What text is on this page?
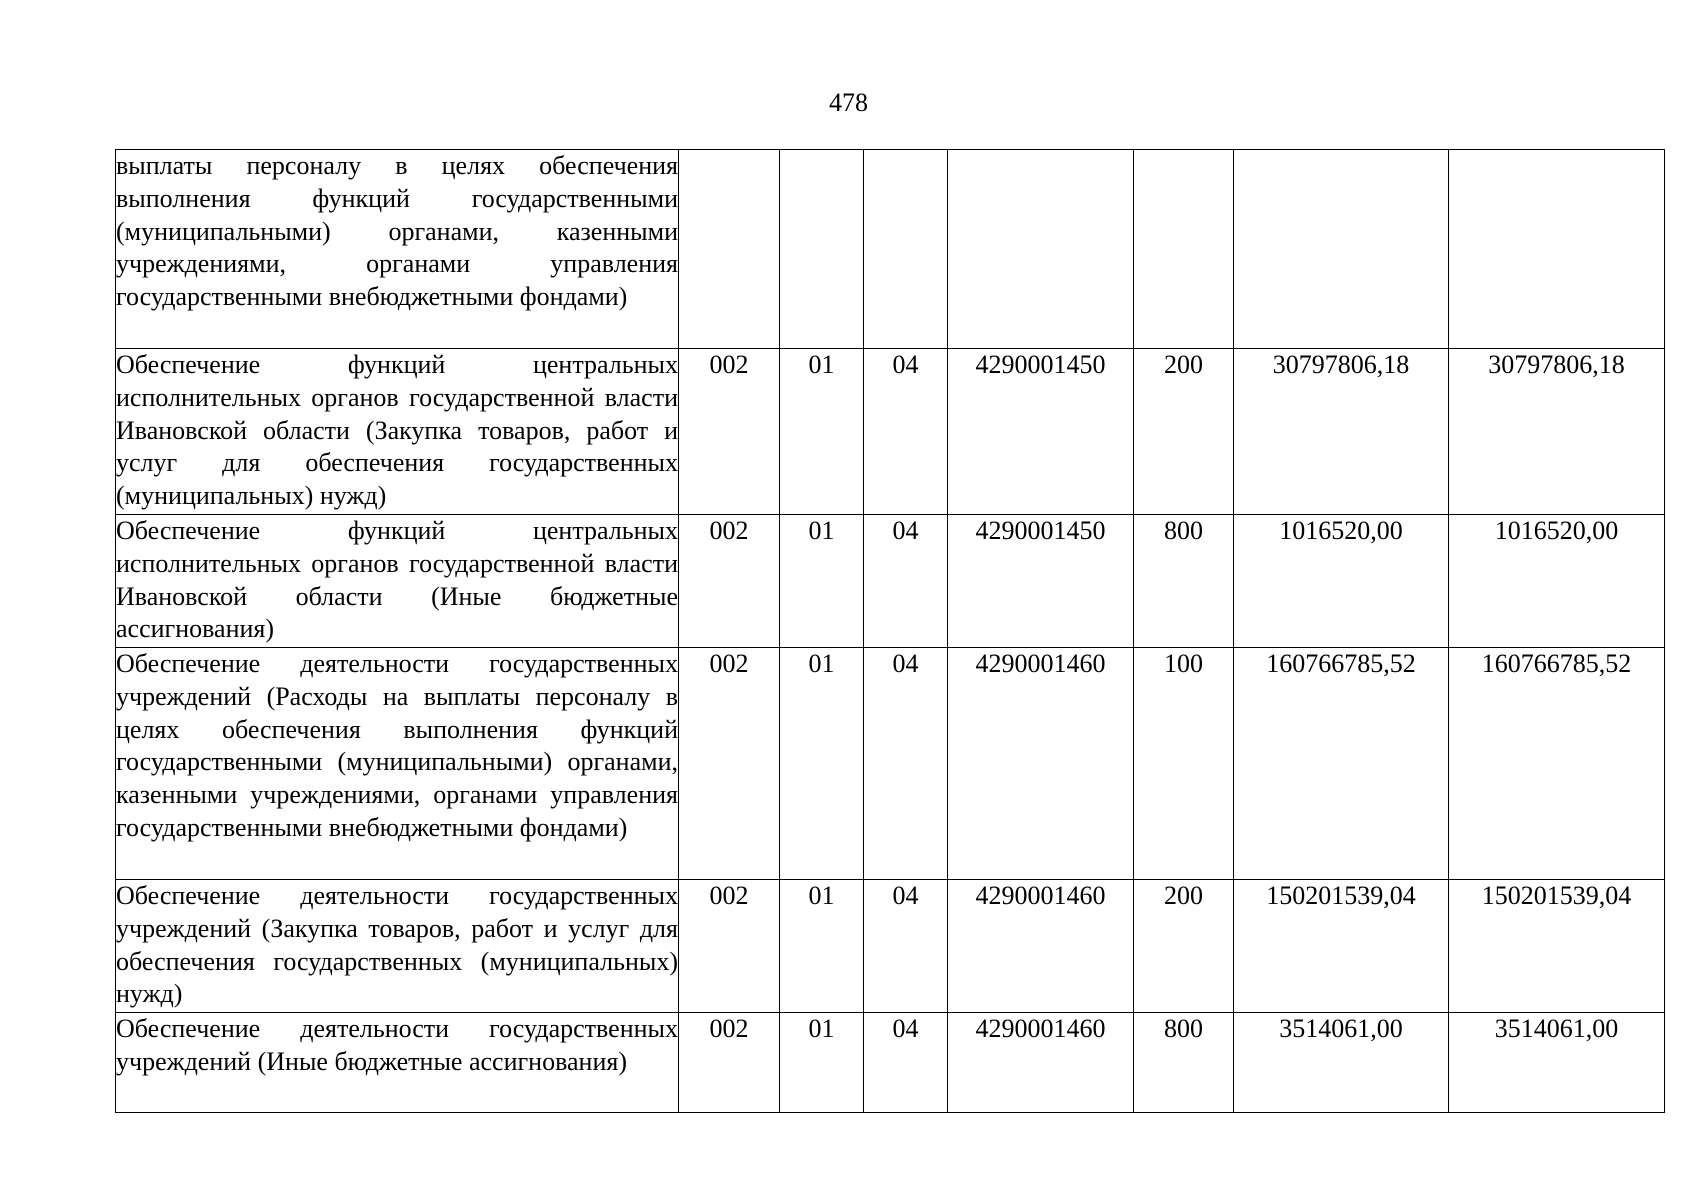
478
выплаты персоналу в целях обеспечения выполнения функций государственными (муниципальными) органами, казенными учреждениями, органами управления государственными внебюджетными фондами)							
Обеспечение функций центральных исполнительных органов государственной власти Ивановской области (Закупка товаров, работ и услуг для обеспечения государственных (муниципальных) нужд)	002	01	04	4290001450	200	30797806,18	30797806,18
Обеспечение функций центральных исполнительных органов государственной власти Ивановской области (Иные бюджетные ассигнования)	002	01	04	4290001450	800	1016520,00	1016520,00
Обеспечение деятельности государственных учреждений (Расходы на выплаты персоналу в целях обеспечения выполнения функций государственными (муниципальными) органами, казенными учреждениями, органами управления государственными внебюджетными фондами)	002	01	04	4290001460	100	160766785,52	160766785,52
Обеспечение деятельности государственных учреждений (Закупка товаров, работ и услуг для обеспечения государственных (муниципальных) нужд)	002	01	04	4290001460	200	150201539,04	150201539,04
Обеспечение деятельности государственных учреждений (Иные бюджетные ассигнования)	002	01	04	4290001460	800	3514061,00	3514061,00
